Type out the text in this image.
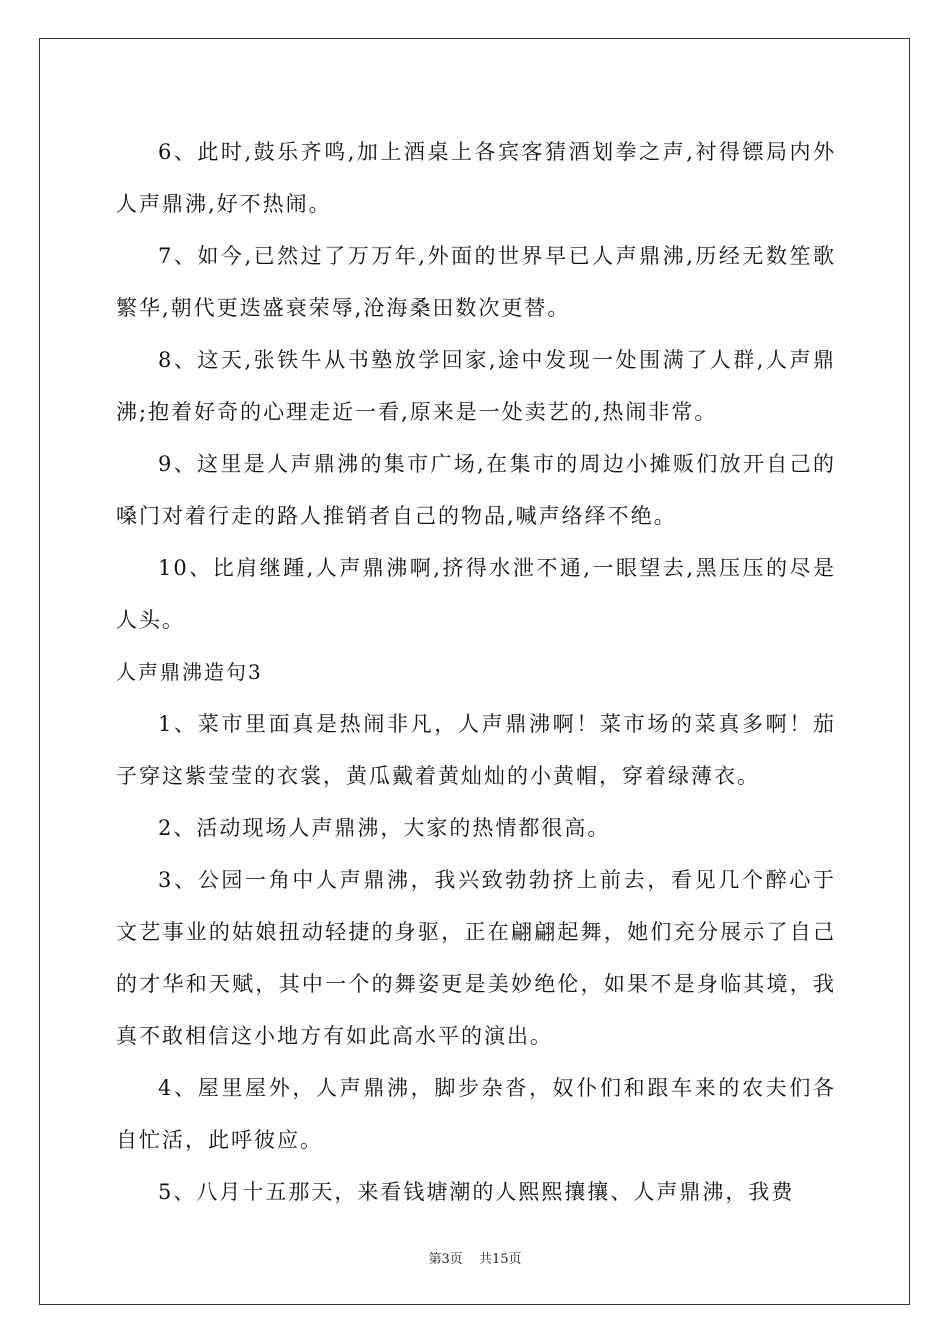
6、此时,鼓乐齐鸣,加上酒桌上各宾客猜酒划拳之声,衬得镖局内外人声鼎沸,好不热闹。

7、如今,已然过了万万年,外面的世界早已人声鼎沸,历经无数笙歌繁华,朝代更迭盛衰荣辱,沧海桑田数次更替。

8、这天,张铁牛从书塾放学回家,途中发现一处围满了人群,人声鼎沸;抱着好奇的心理走近一看,原来是一处卖艺的,热闹非常。

9、这里是人声鼎沸的集市广场,在集市的周边小摊贩们放开自己的嗓门对着行走的路人推销者自己的物品,喊声络绎不绝。

10、比肩继踵,人声鼎沸啊,挤得水泄不通,一眼望去,黑压压的尽是人头。

人声鼎沸造句3

1、菜市里面真是热闹非凡，人声鼎沸啊！菜市场的菜真多啊！茄子穿这紫莹莹的衣裳，黄瓜戴着黄灿灿的小黄帽，穿着绿薄衣。

2、活动现场人声鼎沸，大家的热情都很高。

3、公园一角中人声鼎沸，我兴致勃勃挤上前去，看见几个醉心于文艺事业的姑娘扭动轻捷的身驱，正在翩翩起舞，她们充分展示了自己的才华和天赋，其中一个的舞姿更是美妙绝伦，如果不是身临其境，我真不敢相信这小地方有如此高水平的演出。

4、屋里屋外，人声鼎沸，脚步杂沓，奴仆们和跟车来的农夫们各自忙活，此呼彼应。

5、八月十五那天，来看钱塘潮的人熙熙攘攘、人声鼎沸，我费

第3页 共15页
